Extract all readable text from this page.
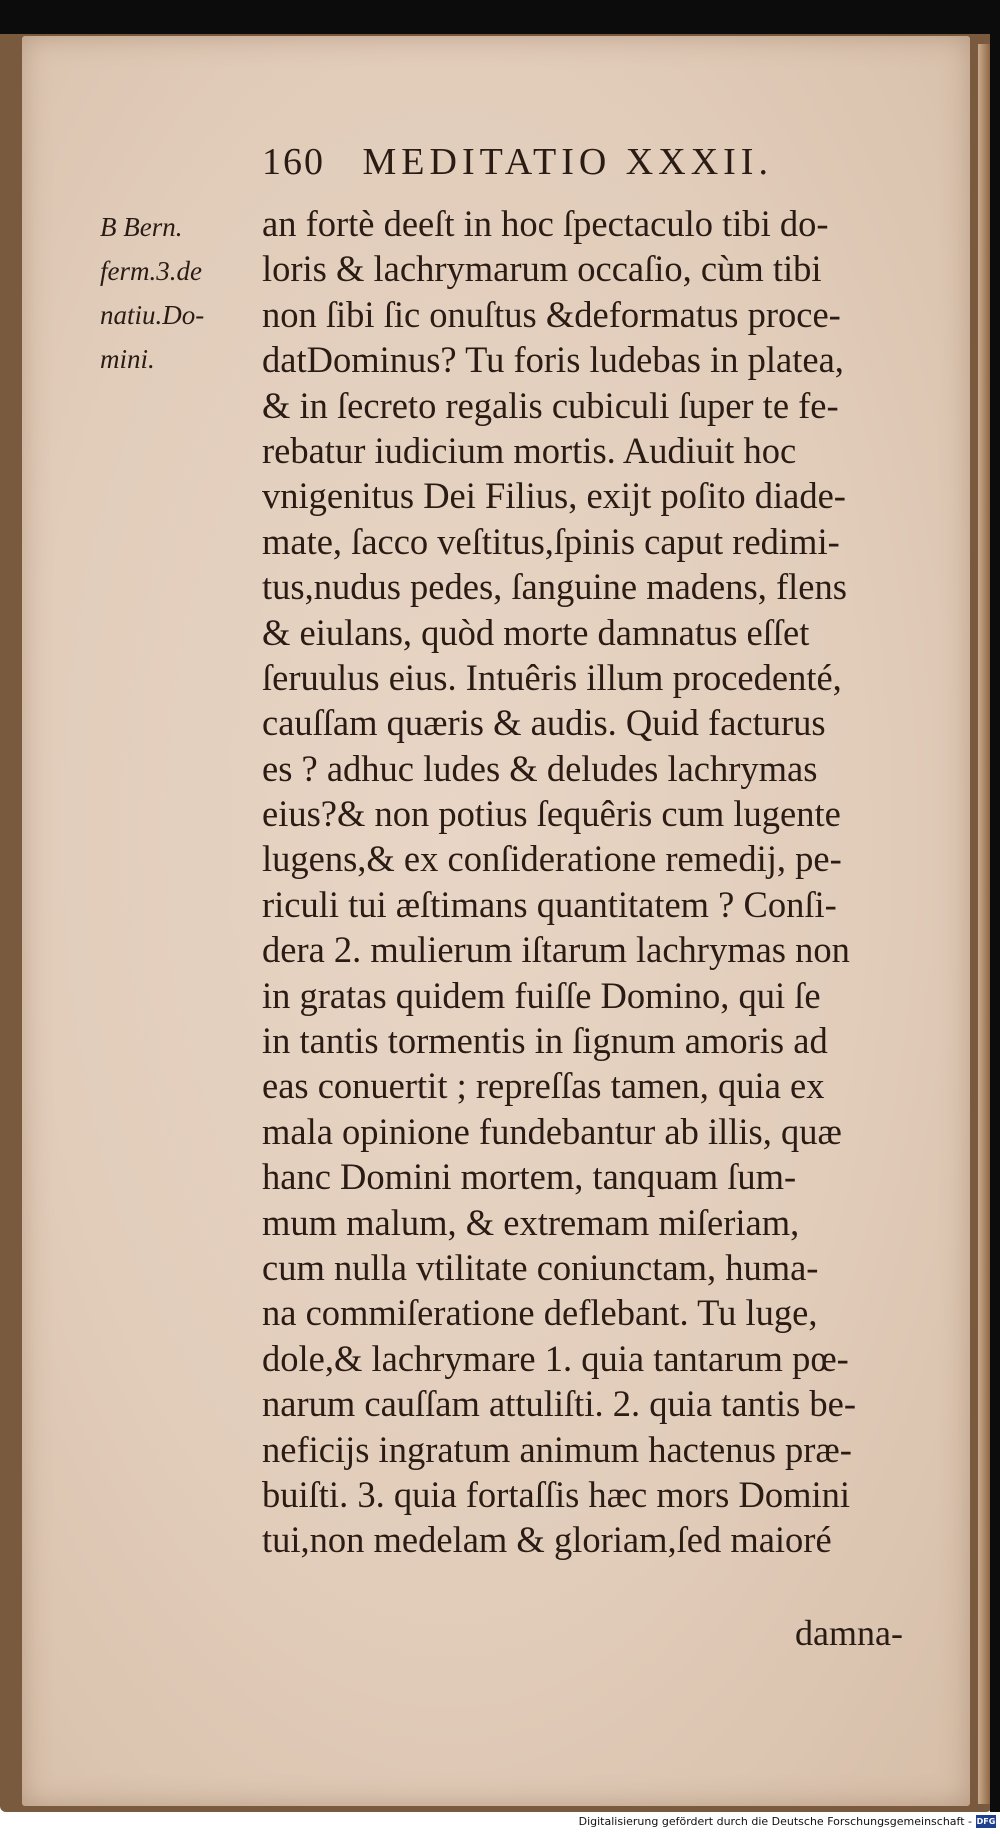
160 MEDITATIO XXXII.
B Bern.
ferm.3.de
natiu.Do-
mini.
an fortè deeſt in hoc ſpectaculo tibi do-
loris & lachrymarum occaſio, cùm tibi
non ſibi ſic onuſtus &deformatus proce-
datDominus? Tu foris ludebas in platea,
& in ſecreto regalis cubiculi ſuper te fe-
rebatur iudicium mortis. Audiuit hoc
vnigenitus Dei Filius, exijt poſito diade-
mate, ſacco veſtitus,ſpinis caput redimi-
tus,nudus pedes, ſanguine madens, flens
& eiulans, quòd morte damnatus eſſet
ſeruulus eius. Intuêris illum procedenté,
cauſſam quæris & audis. Quid facturus
es ? adhuc ludes & deludes lachrymas
eius?& non potius ſequêris cum lugente
lugens,& ex conſideratione remedij, pe-
riculi tui æſtimans quantitatem ? Conſi-
dera 2. mulierum iſtarum lachrymas non
in gratas quidem fuiſſe Domino, qui ſe
in tantis tormentis in ſignum amoris ad
eas conuertit ; repreſſas tamen, quia ex
mala opinione fundebantur ab illis, quæ
hanc Domini mortem, tanquam ſum-
mum malum, & extremam miſeriam,
cum nulla vtilitate coniunctam, huma-
na commiſeratione deflebant. Tu luge,
dole,& lachrymare 1. quia tantarum pœ-
narum cauſſam attuliſti. 2. quia tantis be-
neficijs ingratum animum hactenus præ-
buiſti. 3. quia fortaſſis hæc mors Domini
tui,non medelam & gloriam,ſed maioré
damna-
Digitalisierung gefördert durch die Deutsche Forschungsgemeinschaft - DFG
